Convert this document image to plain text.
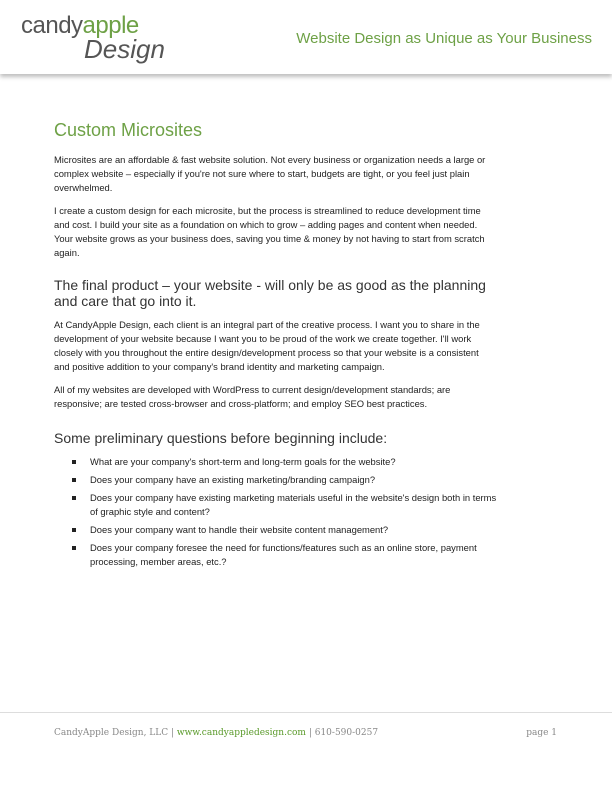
candyapple
Design	Website Design as Unique as Your Business
Custom Microsites
Microsites are an affordable & fast website solution. Not every business or organization needs a large or
complex website – especially if you're not sure where to start, budgets are tight, or you feel just plain
overwhelmed.
I create a custom design for each microsite, but the process is streamlined to reduce development time
and cost. I build your site as a foundation on which to grow – adding pages and content when needed.
Your website grows as your business does, saving you time & money by not having to start from scratch
again.
The final product – your website - will only be as good as the planning
and care that go into it.
At CandyApple Design, each client is an integral part of the creative process. I want you to share in the
development of your website because I want you to be proud of the work we create together. I'll work
closely with you throughout the entire design/development process so that your website is a consistent
and positive addition to your company's brand identity and marketing campaign.
All of my websites are developed with WordPress to current design/development standards; are
responsive; are tested cross-browser and cross-platform; and employ SEO best practices.
Some preliminary questions before beginning include:
What are your company's short-term and long-term goals for the website?
Does your company have an existing marketing/branding campaign?
Does your company have existing marketing materials useful in the website's design both in terms
of graphic style and content?
Does your company want to handle their website content management?
Does your company foresee the need for functions/features such as an online store, payment
processing, member areas, etc.?
CandyApple Design, LLC | www.candyappledesign.com | 610-590-0257	page 1
